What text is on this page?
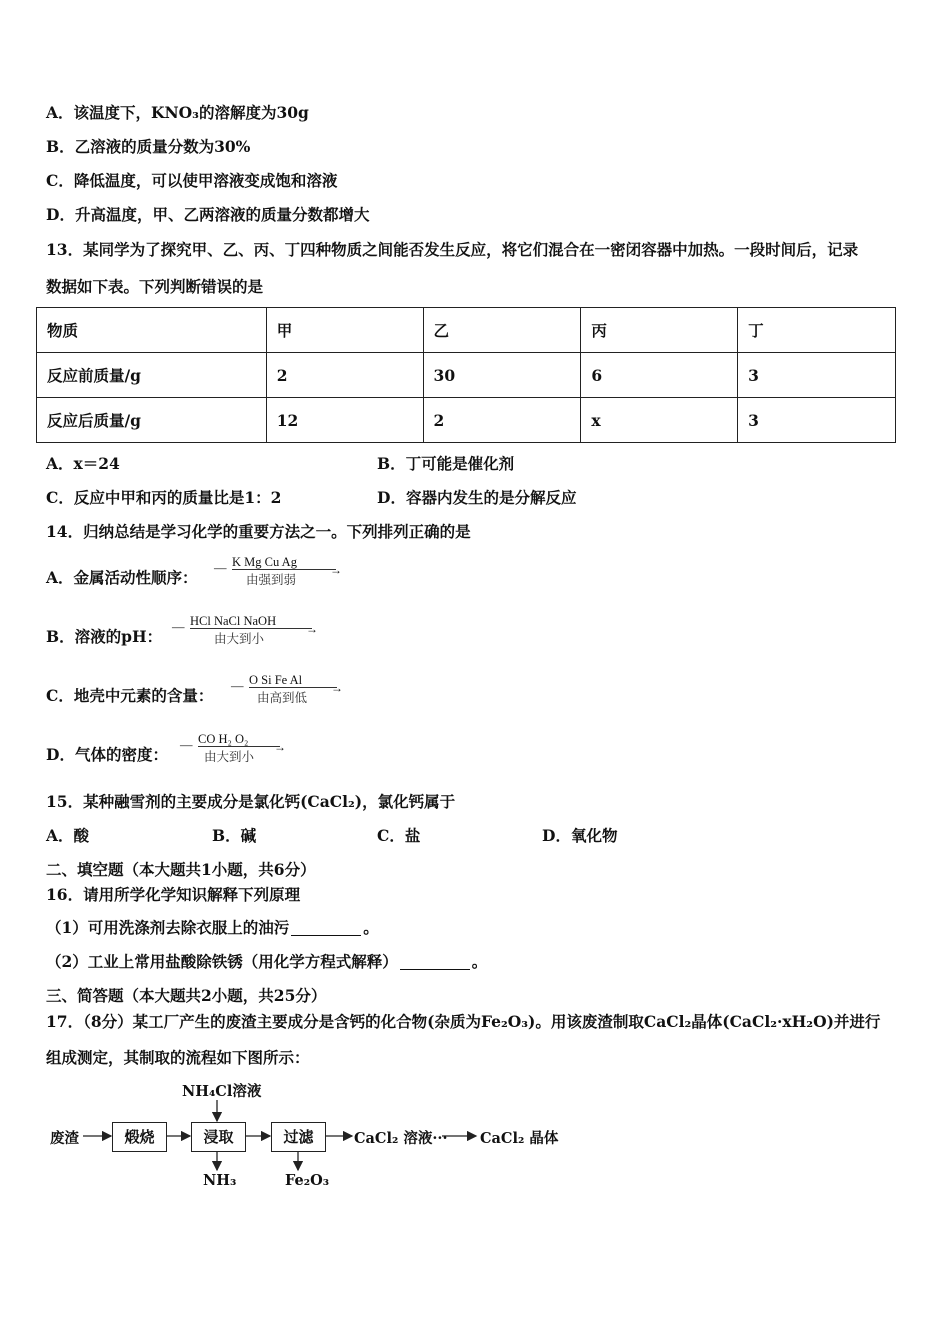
A．该温度下，KNO₃的溶解度为30g
B．乙溶液的质量分数为30%
C．降低温度，可以使甲溶液变成饱和溶液
D．升高温度，甲、乙两溶液的质量分数都增大
13．某同学为了探究甲、乙、丙、丁四种物质之间能否发生反应，将它们混合在一密闭容器中加热。一段时间后，记录
数据如下表。下列判断错误的是
物质	甲	乙	丙	丁
反应前质量/g	2	30	6	3
反应后质量/g	12	2	x	3
A．x＝24	B．丁可能是催化剂
C．反应中甲和丙的质量比是1：2	D．容器内发生的是分解反应
14．归纳总结是学习化学的重要方法之一。下列排列正确的是
A．金属活动性顺序： — K Mg Cu Ag
→
由强到弱
B．溶液的pH： — HCl NaCl NaOH
→
由大到小
C．地壳中元素的含量： — O Si Fe Al
→
由高到低
D．气体的密度： — CO H₂ O₂
→
由大到小
15．某种融雪剂的主要成分是氯化钙(CaCl₂)，氯化钙属于
A．酸	B．碱	C．盐	D．氧化物
二、填空题（本大题共1小题，共6分）
16．请用所学化学知识解释下列原理
（1）可用洗涤剂去除衣服上的油污	。
（2）工业上常用盐酸除铁锈（用化学方程式解释）	。
三、简答题（本大题共2小题，共25分）
17．（8分）某工厂产生的废渣主要成分是含钙的化合物(杂质为Fe₂O₃)。用该废渣制取CaCl₂晶体(CaCl₂·xH₂O)并进行
组成测定，其制取的流程如下图所示：
废渣	煅烧	浸取	过滤
NH₄Cl溶液
NH₃	Fe₂O₃
CaCl₂ 溶液··· CaCl₂ 晶体
